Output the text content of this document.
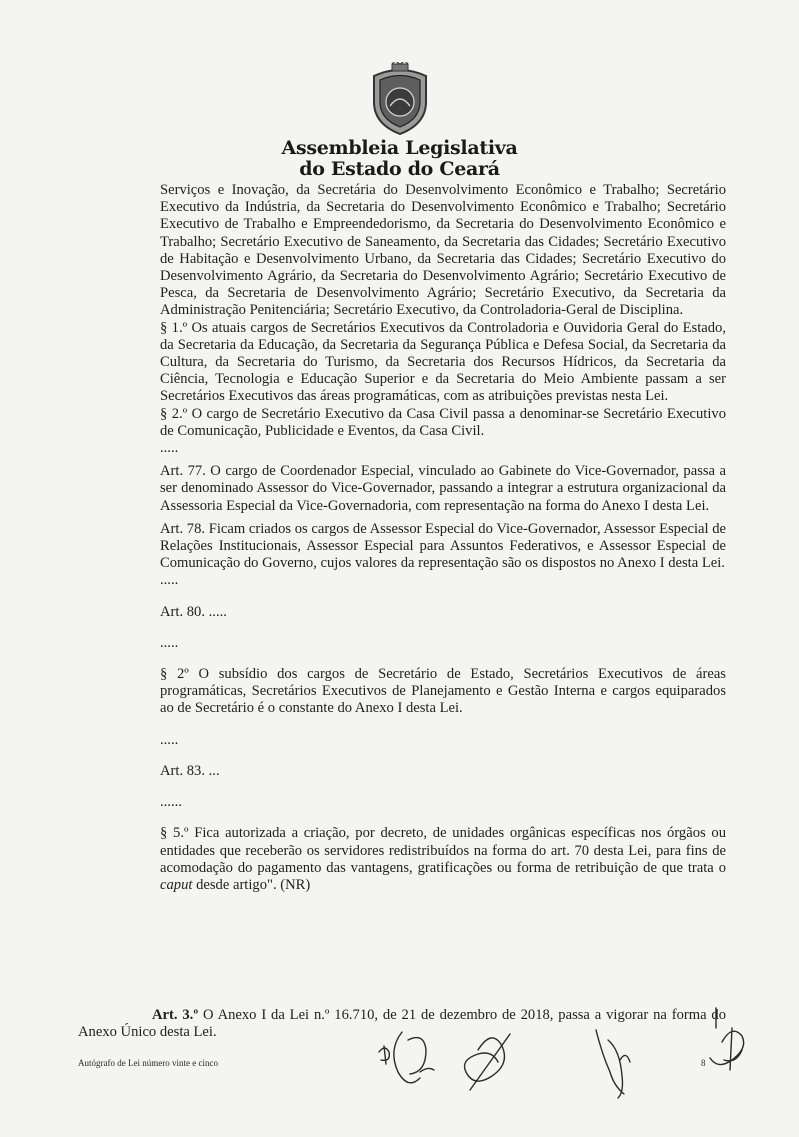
Assembleia Legislativa
do Estado do Ceará

Serviços e Inovação, da Secretária do Desenvolvimento Econômico e Trabalho; Secretário Executivo da Indústria, da Secretaria do Desenvolvimento Econômico e Trabalho; Secretário Executivo de Trabalho e Empreendedorismo, da Secretaria do Desenvolvimento Econômico e Trabalho; Secretário Executivo de Saneamento, da Secretaria das Cidades; Secretário Executivo de Habitação e Desenvolvimento Urbano, da Secretaria das Cidades; Secretário Executivo do Desenvolvimento Agrário, da Secretaria do Desenvolvimento Agrário; Secretário Executivo de Pesca, da Secretaria de Desenvolvimento Agrário; Secretário Executivo, da Secretaria da Administração Penitenciária; Secretário Executivo, da Controladoria-Geral de Disciplina.

§ 1.º Os atuais cargos de Secretários Executivos da Controladoria e Ouvidoria Geral do Estado, da Secretaria da Educação, da Secretaria da Segurança Pública e Defesa Social, da Secretaria da Cultura, da Secretaria do Turismo, da Secretaria dos Recursos Hídricos, da Secretaria da Ciência, Tecnologia e Educação Superior e da Secretaria do Meio Ambiente passam a ser Secretários Executivos das áreas programáticas, com as atribuições previstas nesta Lei.

§ 2.º O cargo de Secretário Executivo da Casa Civil passa a denominar-se Secretário Executivo de Comunicação, Publicidade e Eventos, da Casa Civil.

.....

Art. 77. O cargo de Coordenador Especial, vinculado ao Gabinete do Vice-Governador, passa a ser denominado Assessor do Vice-Governador, passando a integrar a estrutura organizacional da Assessoria Especial da Vice-Governadoria, com representação na forma do Anexo I desta Lei.

Art. 78. Ficam criados os cargos de Assessor Especial do Vice-Governador, Assessor Especial de Relações Institucionais, Assessor Especial para Assuntos Federativos, e Assessor Especial de Comunicação do Governo, cujos valores da representação são os dispostos no Anexo I desta Lei.

.....

Art. 80. .....

.....

§ 2º O subsídio dos cargos de Secretário de Estado, Secretários Executivos de áreas programáticas, Secretários Executivos de Planejamento e Gestão Interna e cargos equiparados ao de Secretário é o constante do Anexo I desta Lei.

.....

Art. 83. ...

......

§ 5.º Fica autorizada a criação, por decreto, de unidades orgânicas específicas nos órgãos ou entidades que receberão os servidores redistribuídos na forma do art. 70 desta Lei, para fins de acomodação do pagamento das vantagens, gratificações ou forma de retribuição de que trata o caput desde artigo". (NR)

Art. 3.º O Anexo I da Lei n.º 16.710, de 21 de dezembro de 2018, passa a vigorar na forma do Anexo Único desta Lei.

Autógrafo de Lei número vinte e cinco	8
